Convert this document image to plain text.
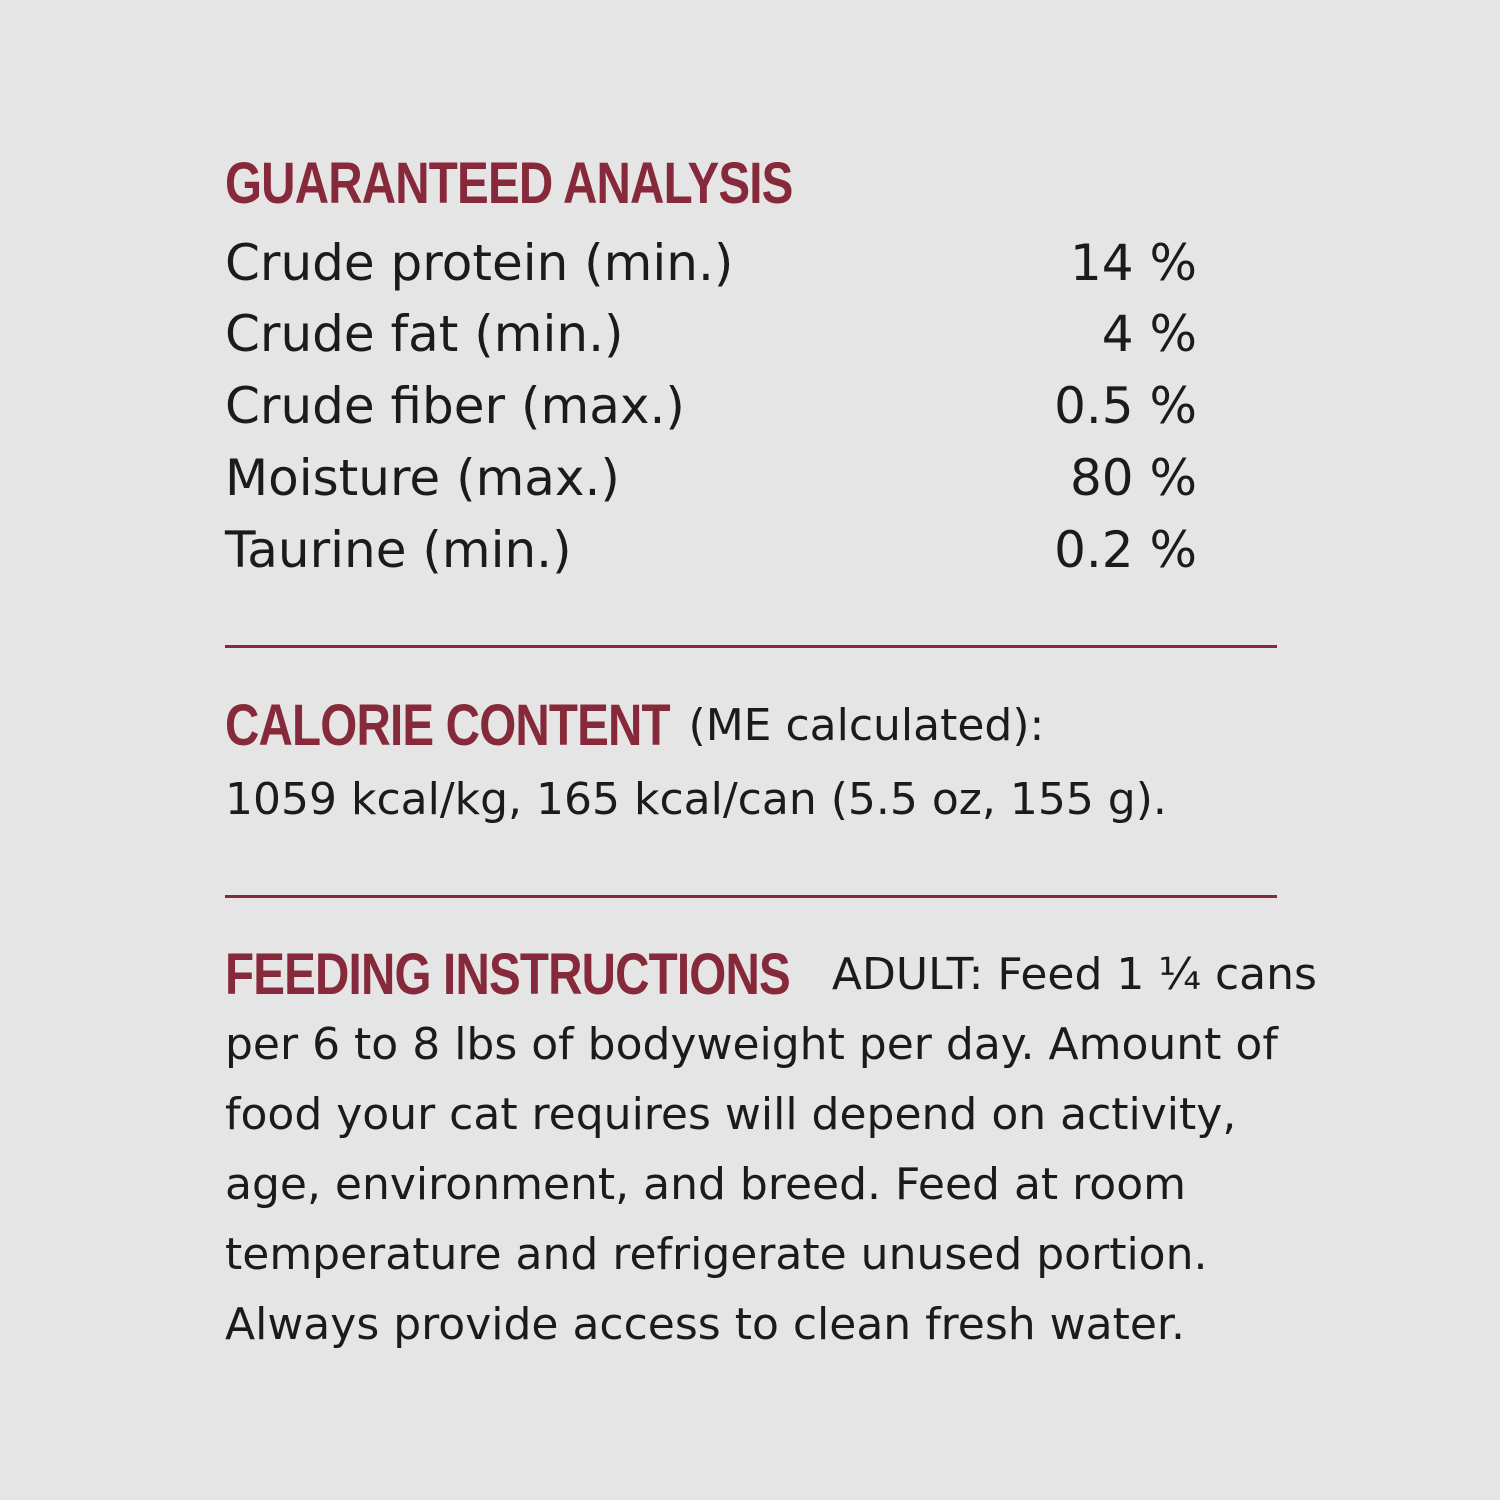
GUARANTEED ANALYSIS
Crude protein (min.)	14 %
Crude fat (min.)	4 %
Crude fiber (max.)	0.5 %
Moisture (max.)	80 %
Taurine (min.)	0.2 %
CALORIE CONTENT (ME calculated):
1059 kcal/kg, 165 kcal/can (5.5 oz, 155 g).
FEEDING INSTRUCTIONS ADULT: Feed 1 ¼ cans
per 6 to 8 lbs of bodyweight per day. Amount of
food your cat requires will depend on activity,
age, environment, and breed. Feed at room
temperature and refrigerate unused portion.
Always provide access to clean fresh water.
